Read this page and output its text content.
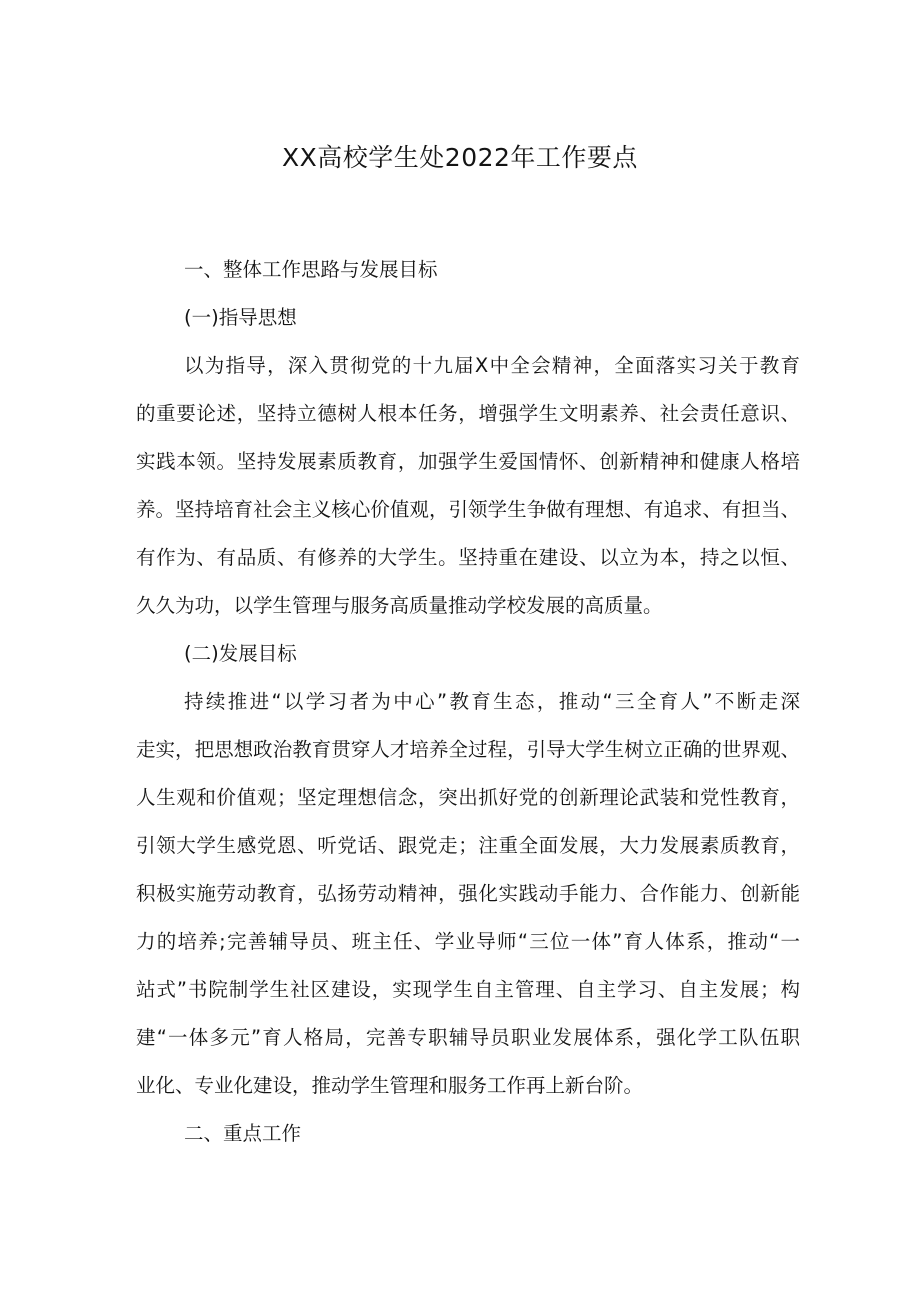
XX高校学生处2022年工作要点
一、整体工作思路与发展目标
(一)指导思想
以为指导，深入贯彻党的十九届X中全会精神，全面落实习关于教育
的重要论述，坚持立德树人根本任务，增强学生文明素养、社会责任意识、
实践本领。坚持发展素质教育，加强学生爱国情怀、创新精神和健康人格培
养。坚持培育社会主义核心价值观，引领学生争做有理想、有追求、有担当、
有作为、有品质、有修养的大学生。坚持重在建设、以立为本，持之以恒、
久久为功，以学生管理与服务高质量推动学校发展的高质量。
(二)发展目标
持续推进“以学习者为中心”教育生态，推动“三全育人”不断走深
走实，把思想政治教育贯穿人才培养全过程，引导大学生树立正确的世界观、
人生观和价值观；坚定理想信念，突出抓好党的创新理论武装和党性教育，
引领大学生感党恩、听党话、跟党走；注重全面发展，大力发展素质教育，
积极实施劳动教育，弘扬劳动精神，强化实践动手能力、合作能力、创新能
力的培养;完善辅导员、班主任、学业导师“三位一体”育人体系，推动“一
站式”书院制学生社区建设，实现学生自主管理、自主学习、自主发展；构
建“一体多元”育人格局，完善专职辅导员职业发展体系，强化学工队伍职
业化、专业化建设，推动学生管理和服务工作再上新台阶。
二、重点工作
